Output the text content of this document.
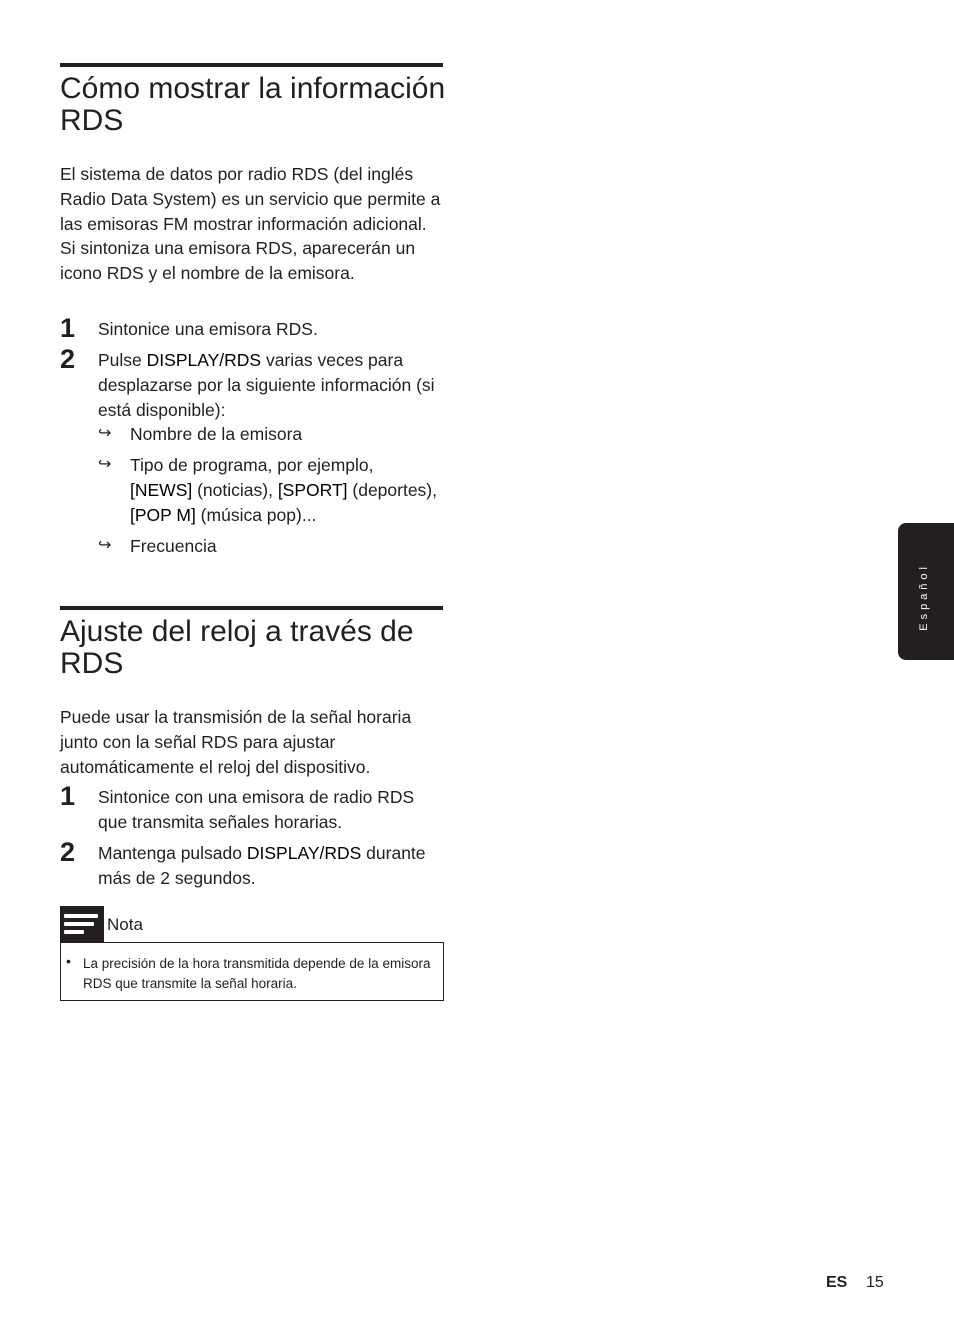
Cómo mostrar la información RDS

El sistema de datos por radio RDS (del inglés Radio Data System) es un servicio que permite a las emisoras FM mostrar información adicional. Si sintoniza una emisora RDS, aparecerán un icono RDS y el nombre de la emisora.

1 Sintonice una emisora RDS.
2 Pulse DISPLAY/RDS varias veces para desplazarse por la siguiente información (si está disponible):
↪ Nombre de la emisora
↪ Tipo de programa, por ejemplo, [NEWS] (noticias), [SPORT] (deportes), [POP M] (música pop)...
↪ Frecuencia
Ajuste del reloj a través de RDS

Puede usar la transmisión de la señal horaria junto con la señal RDS para ajustar automáticamente el reloj del dispositivo.

1 Sintonice con una emisora de radio RDS que transmita señales horarias.
2 Mantenga pulsado DISPLAY/RDS durante más de 2 segundos.
Nota
• La precisión de la hora transmitida depende de la emisora RDS que transmite la señal horaria.
Español
ES 15
